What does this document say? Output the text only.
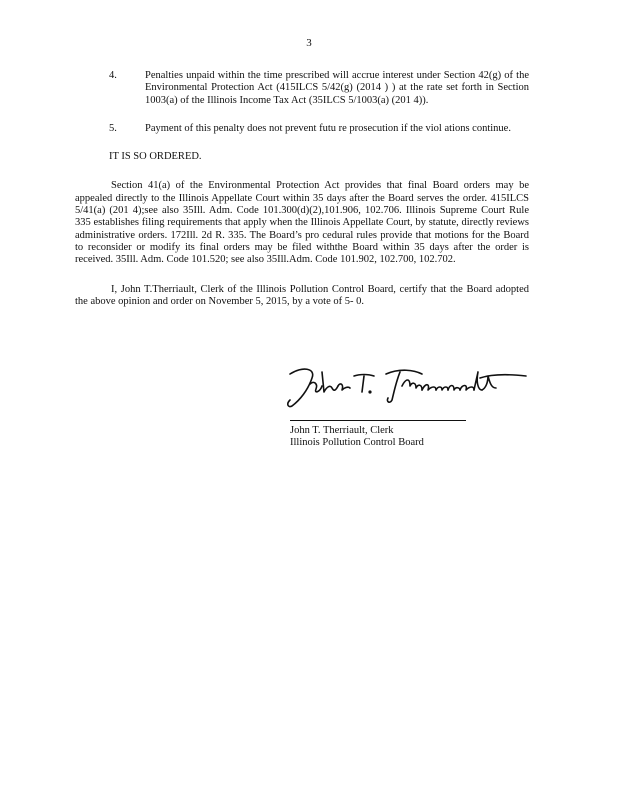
3
4.	Penalties unpaid within the time prescribed will accrue interest under Section 42(g) of the Environmental Protection Act (415ILCS 5/42(g) (2014 ) ) at the rate set forth in Section 1003(a) of the Illinois Income Tax Act (35ILCS 5/1003(a) (201 4)).
5.	Payment of this penalty does not prevent futu re prosecution if the viol ations continue.
IT IS SO ORDERED.

Section 41(a) of the Environmental Protection Act provides that final Board orders may be appealed directly to the Illinois Appellate Court within 35 days after the Board serves the order. 415ILCS 5/41(a) (201 4);see also 35Ill. Adm. Code 101.300(d)(2),101.906, 102.706. Illinois Supreme Court Rule 335 establishes filing requirements that apply when the Illinois Appellate Court, by statute, directly reviews administrative orders. 172Ill. 2d R. 335. The Board’s pro cedural rules provide that motions for the Board to reconsider or modify its final orders may be filed withthe Board within 35 days after the order is received. 35Ill. Adm. Code 101.520; see also 35Ill.Adm. Code 101.902, 102.700, 102.702.

I, John T.Therriault, Clerk of the Illinois Pollution Control Board, certify that the Board adopted the above opinion and order on November 5, 2015, by a vote of 5- 0.

John T. Therriault, Clerk
Illinois Pollution Control Board
